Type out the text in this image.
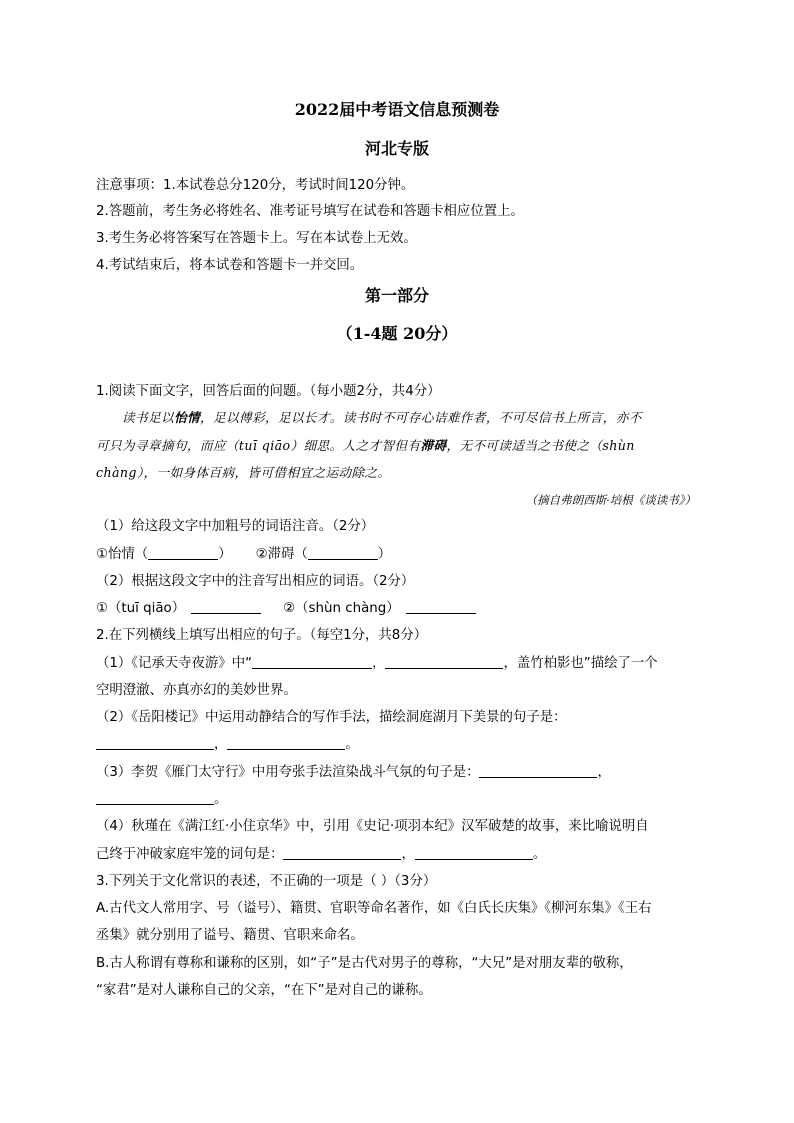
2022届中考语文信息预测卷
河北专版
注意事项：1.本试卷总分120分，考试时间120分钟。
2.答题前，考生务必将姓名、准考证号填写在试卷和答题卡相应位置上。
3.考生务必将答案写在答题卡上。写在本试卷上无效。
4.考试结束后，将本试卷和答题卡一并交回。
第一部分
（1-4题 20分）
1.阅读下面文字，回答后面的问题。（每小题2分，共4分）
读书足以怡情，足以傅彩，足以长才。读书时不可存心诘难作者，不可尽信书上所言，亦不
可只为寻章摘句，而应（tuī qiāo）细思。人之才智但有滞碍，无不可读适当之书使之（shùn
chàng），一如身体百病，皆可借相宜之运动除之。
（摘自弗朗西斯·培根《谈读书》）
（1）给这段文字中加粗号的词语注音。（2分）
①怡情（	） ②滞碍（	）
（2）根据这段文字中的注音写出相应的词语。（2分）
①（tuī qiāo）	②（shùn chàng）
2.在下列横线上填写出相应的句子。（每空1分，共8分）
（1）《记承天寺夜游》中“	，	，盖竹柏影也”描绘了一个
空明澄澈、亦真亦幻的美妙世界。
（2）《岳阳楼记》中运用动静结合的写作手法，描绘洞庭湖月下美景的句子是：
，	。
（3）李贺《雁门太守行》中用夸张手法渲染战斗气氛的句子是：	，
。
（4）秋瑾在《满江红·小住京华》中，引用《史记·项羽本纪》汉军破楚的故事，来比喻说明自
己终于冲破家庭牢笼的词句是：	，	。
3.下列关于文化常识的表述，不正确的一项是（ ）（3分）
A.古代文人常用字、号（谥号）、籍贯、官职等命名著作，如《白氏长庆集》《柳河东集》《王右
丞集》就分别用了谥号、籍贯、官职来命名。
B.古人称谓有尊称和谦称的区别，如“子”是古代对男子的尊称，“大兄”是对朋友辈的敬称，
“家君”是对人谦称自己的父亲，“在下”是对自己的谦称。
